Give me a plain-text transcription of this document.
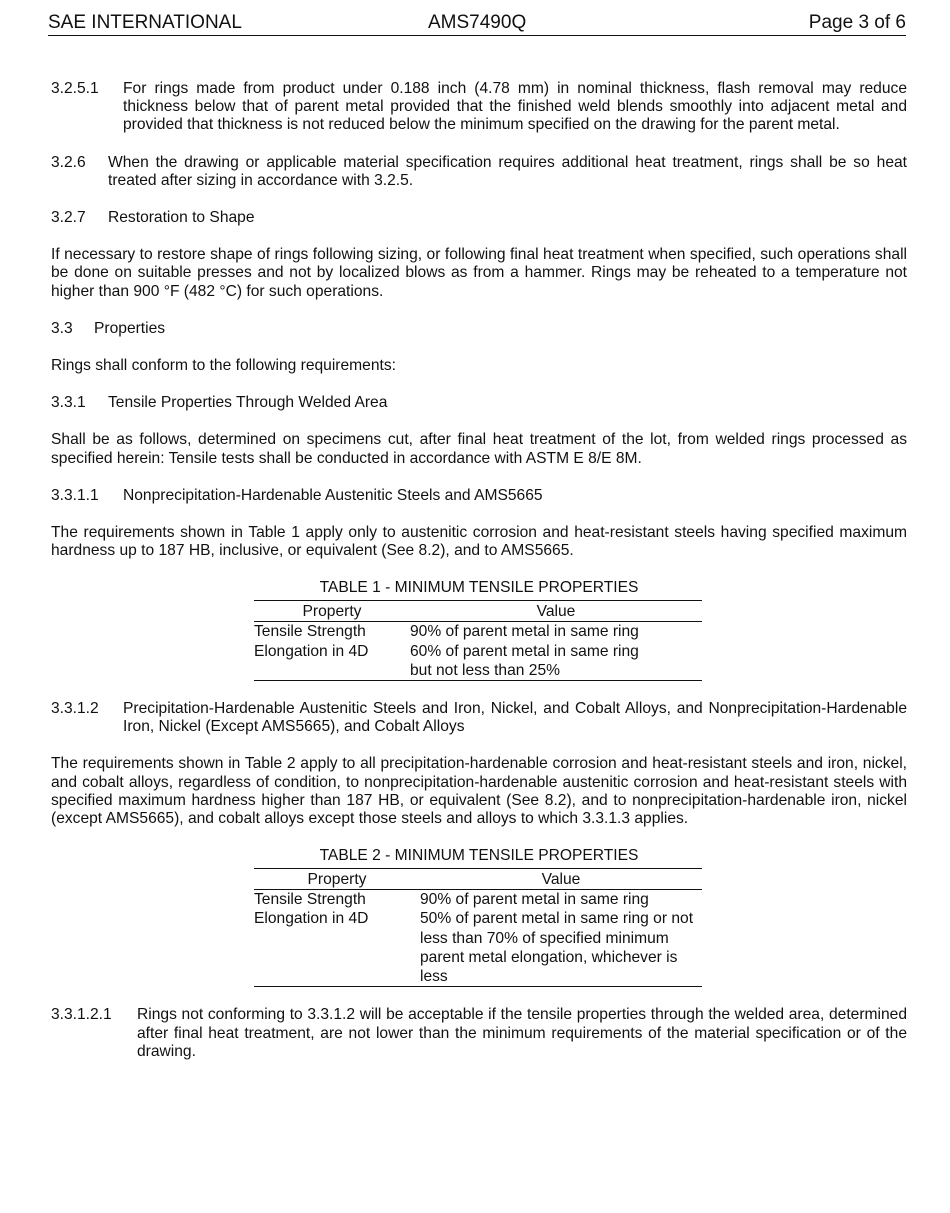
SAE INTERNATIONAL	AMS7490Q	Page 3 of 6
3.2.5.1	For rings made from product under 0.188 inch (4.78 mm) in nominal thickness, flash removal may reduce thickness below that of parent metal provided that the finished weld blends smoothly into adjacent metal and provided that thickness is not reduced below the minimum specified on the drawing for the parent metal.

3.2.6	When the drawing or applicable material specification requires additional heat treatment, rings shall be so heat treated after sizing in accordance with 3.2.5.

3.2.7	Restoration to Shape

If necessary to restore shape of rings following sizing, or following final heat treatment when specified, such operations shall be done on suitable presses and not by localized blows as from a hammer. Rings may be reheated to a temperature not higher than 900 °F (482 °C) for such operations.

3.3	Properties

Rings shall conform to the following requirements:

3.3.1	Tensile Properties Through Welded Area

Shall be as follows, determined on specimens cut, after final heat treatment of the lot, from welded rings processed as specified herein: Tensile tests shall be conducted in accordance with ASTM E 8/E 8M.

3.3.1.1	Nonprecipitation-Hardenable Austenitic Steels and AMS5665

The requirements shown in Table 1 apply only to austenitic corrosion and heat-resistant steels having specified maximum hardness up to 187 HB, inclusive, or equivalent (See 8.2), and to AMS5665.

TABLE 1 - MINIMUM TENSILE PROPERTIES
Property	Value
Tensile Strength	90% of parent metal in same ring
Elongation in 4D	60% of parent metal in same ring
	but not less than 25%
3.3.1.2	Precipitation-Hardenable Austenitic Steels and Iron, Nickel, and Cobalt Alloys, and Nonprecipitation-Hardenable Iron, Nickel (Except AMS5665), and Cobalt Alloys

The requirements shown in Table 2 apply to all precipitation-hardenable corrosion and heat-resistant steels and iron, nickel, and cobalt alloys, regardless of condition, to nonprecipitation-hardenable austenitic corrosion and heat-resistant steels with specified maximum hardness higher than 187 HB, or equivalent (See 8.2), and to nonprecipitation-hardenable iron, nickel (except AMS5665), and cobalt alloys except those steels and alloys to which 3.3.1.3 applies.

TABLE 2 - MINIMUM TENSILE PROPERTIES
Property	Value
Tensile Strength	90% of parent metal in same ring
Elongation in 4D	50% of parent metal in same ring or not less than 70% of specified minimum parent metal elongation, whichever is less
3.3.1.2.1	Rings not conforming to 3.3.1.2 will be acceptable if the tensile properties through the welded area, determined after final heat treatment, are not lower than the minimum requirements of the material specification or of the drawing.
